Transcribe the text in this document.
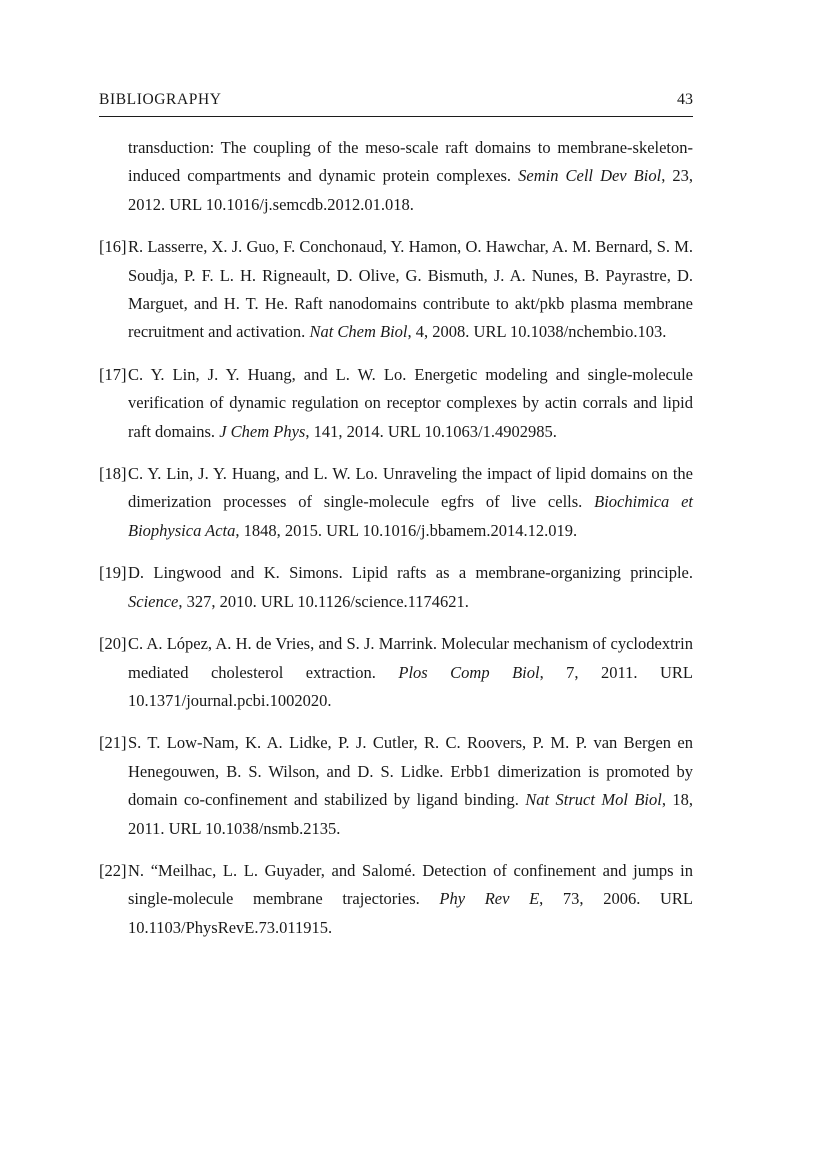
BIBLIOGRAPHY	43
transduction: The coupling of the meso-scale raft domains to membrane-skeleton-induced compartments and dynamic protein complexes. Semin Cell Dev Biol, 23, 2012. URL 10.1016/j.semcdb.2012.01.018.
[16] R. Lasserre, X. J. Guo, F. Conchonaud, Y. Hamon, O. Hawchar, A. M. Bernard, S. M. Soudja, P. F. L. H. Rigneault, D. Olive, G. Bismuth, J. A. Nunes, B. Payrastre, D. Marguet, and H. T. He. Raft nanodomains contribute to akt/pkb plasma membrane recruitment and activation. Nat Chem Biol, 4, 2008. URL 10.1038/nchembio.103.
[17] C. Y. Lin, J. Y. Huang, and L. W. Lo. Energetic modeling and single-molecule verification of dynamic regulation on receptor complexes by actin corrals and lipid raft domains. J Chem Phys, 141, 2014. URL 10.1063/1.4902985.
[18] C. Y. Lin, J. Y. Huang, and L. W. Lo. Unraveling the impact of lipid domains on the dimerization processes of single-molecule egfrs of live cells. Biochimica et Biophysica Acta, 1848, 2015. URL 10.1016/j.bbamem.2014.12.019.
[19] D. Lingwood and K. Simons. Lipid rafts as a membrane-organizing principle. Science, 327, 2010. URL 10.1126/science.1174621.
[20] C. A. López, A. H. de Vries, and S. J. Marrink. Molecular mechanism of cyclodextrin mediated cholesterol extraction. Plos Comp Biol, 7, 2011. URL 10.1371/journal.pcbi.1002020.
[21] S. T. Low-Nam, K. A. Lidke, P. J. Cutler, R. C. Roovers, P. M. P. van Bergen en Henegouwen, B. S. Wilson, and D. S. Lidke. Erbb1 dimerization is promoted by domain co-confinement and stabilized by ligand binding. Nat Struct Mol Biol, 18, 2011. URL 10.1038/nsmb.2135.
[22] N. “Meilhac, L. L. Guyader, and Salomé. Detection of confinement and jumps in single-molecule membrane trajectories. Phy Rev E, 73, 2006. URL 10.1103/PhysRevE.73.011915.
